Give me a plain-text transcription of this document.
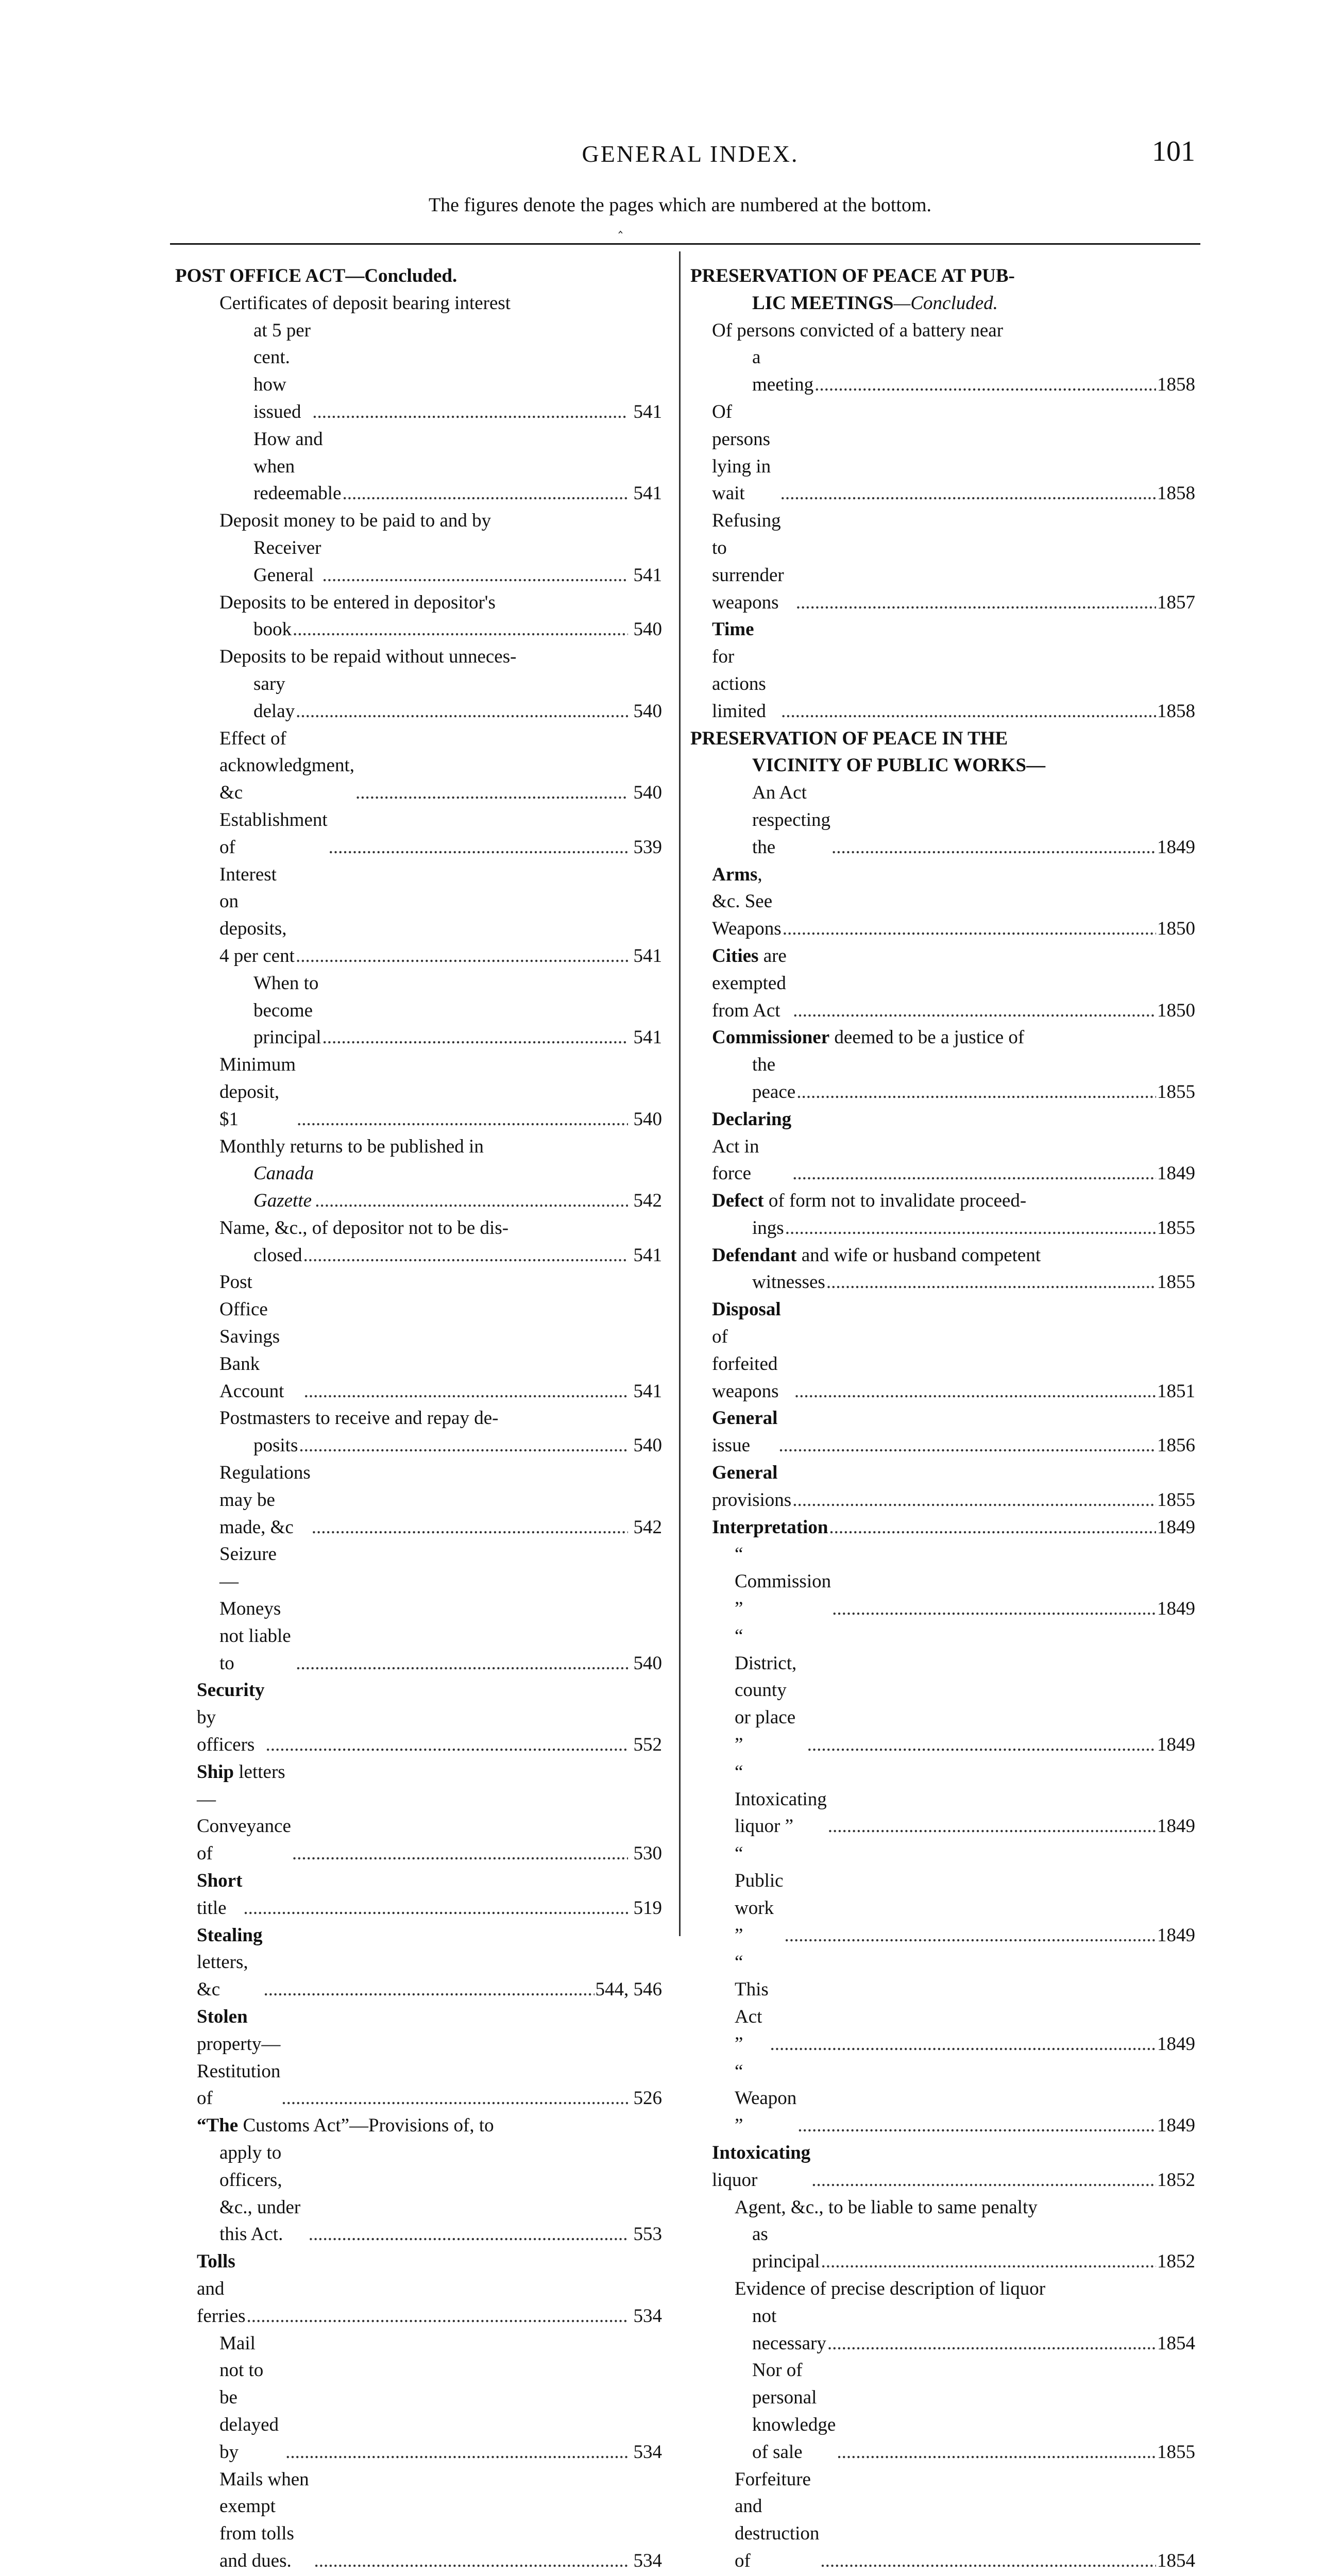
GENERAL INDEX.	101
The figures denote the pages which are numbered at the bottom.
‸
POST OFFICE ACT—Concluded.
Certificates of deposit bearing interest
at 5 per cent. how issued .....	541
How and when redeemable .....	541
Deposit money to be paid to and by
Receiver General .....	541
Deposits to be entered in depositor's
book .....	540
Deposits to be repaid without unneces-
sary delay .....	540
Effect of acknowledgment, &c .....	540
Establishment of .....	539
Interest on deposits, 4 per cent .....	541
When to become principal .....	541
Minimum deposit, $1 .....	540
Monthly returns to be published in
Canada Gazette .....	542
Name, &c., of depositor not to be dis-
closed .....	541
Post Office Savings Bank Account .....	541
Postmasters to receive and repay de-
posits .....	540
Regulations may be made, &c .....	542
Seizure—Moneys not liable to .....	540
Security by officers .....	552
Ship letters—Conveyance of .....	530
Short title .....	519
Stealing letters, &c .....	544, 546
Stolen property—Restitution of .....	526
“The Customs Act”—Provisions of, to
apply to officers, &c., under this Act. .....	553
Tolls and ferries .....	534
Mail not to be delayed by .....	534
Mails when exempt from tolls and dues. .....	534
PRESERVATION OF PEACE AT PUB-
LIC MEETINGS—Concluded.
Of persons convicted of a battery near
a meeting .....	1858
Of persons lying in wait .....	1858
Refusing to surrender weapons .....	1857
Time for actions limited .....	1858
PRESERVATION OF PEACE IN THE
VICINITY OF PUBLIC WORKS—
An Act respecting the .....	1849
Arms, &c. See Weapons .....	1850
Cities are exempted from Act .....	1850
Commissioner deemed to be a justice of
the peace .....	1855
Declaring Act in force .....	1849
Defect of form not to invalidate proceed-
ings .....	1855
Defendant and wife or husband competent
witnesses .....	1855
Disposal of forfeited weapons .....	1851
General issue .....	1856
General provisions .....	1855
Interpretation .....	1849
“ Commission ” .....	1849
“ District, county or place ” .....	1849
“ Intoxicating liquor ” .....	1849
“ Public work ” .....	1849
“ This Act ” .....	1849
“ Weapon ” .....	1849
Intoxicating liquor .....	1852
Agent, &c., to be liable to same penalty
as principal .....	1852
Evidence of precise description of liquor
not necessary .....	1854
Nor of personal knowledge of sale .....	1855
Forfeiture and destruction of .....	1854
